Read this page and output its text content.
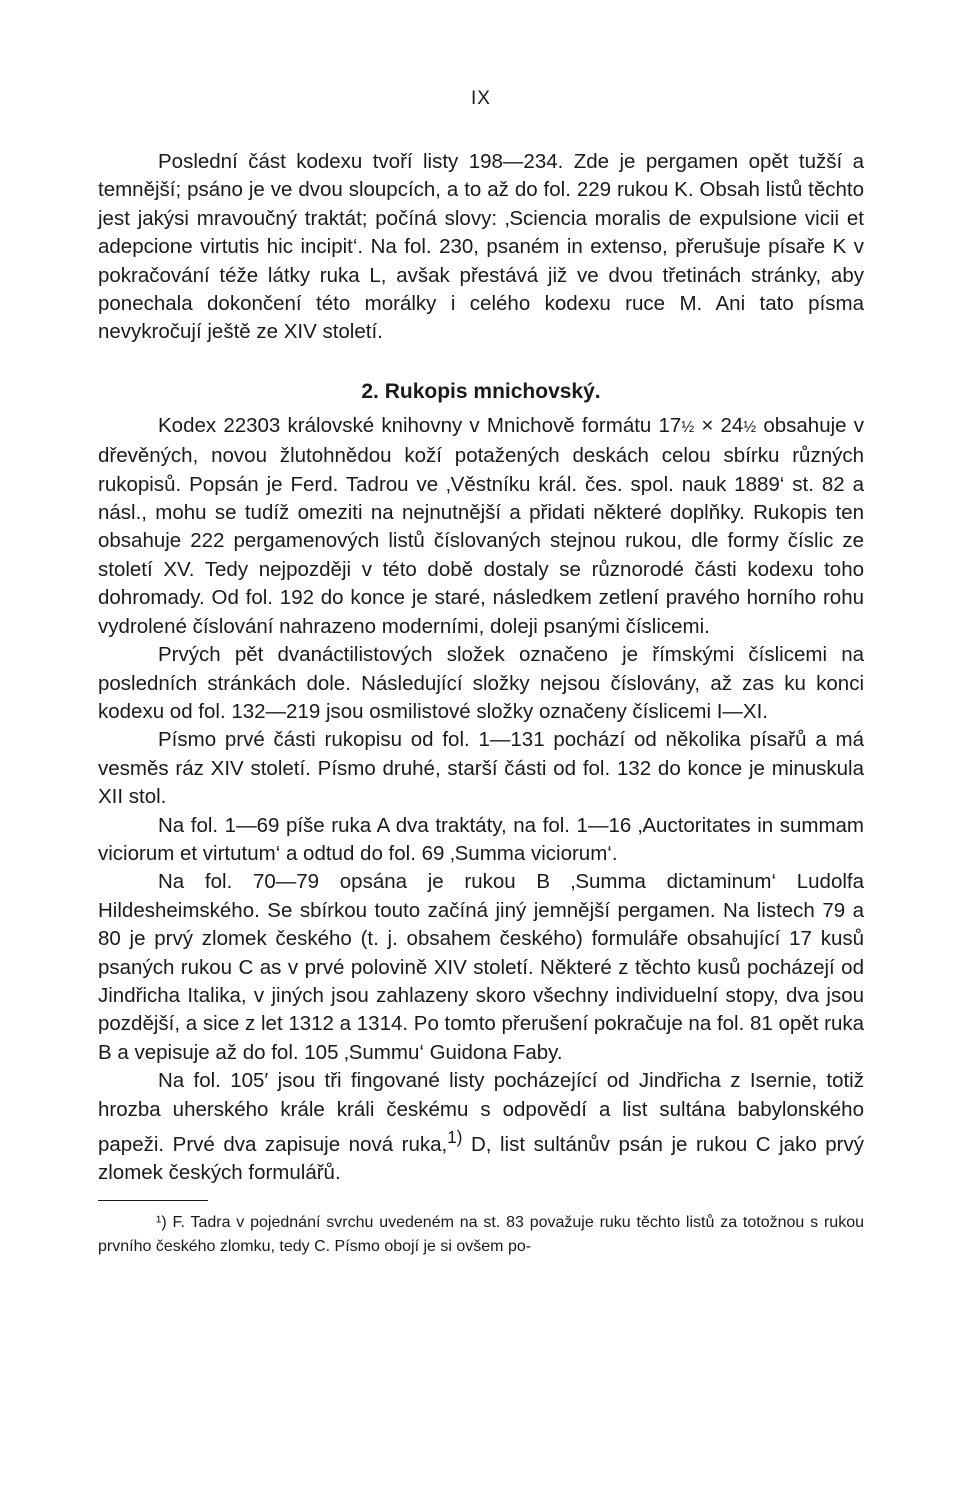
IX

Poslední část kodexu tvoří listy 198—234. Zde je pergamen opět tužší a temnější; psáno je ve dvou sloupcích, a to až do fol. 229 rukou K. Obsah listů těchto jest jakýsi mravoučný traktát; počíná slovy: ‚Sciencia moralis de expulsione vicii et adepcione virtutis hic incipit‘. Na fol. 230, psaném in extenso, přerušuje písaře K v pokračování téže látky ruka L, avšak přestává již ve dvou třetinách stránky, aby ponechala dokončení této morálky i celého kodexu ruce M. Ani tato písma nevykročují ještě ze XIV století.

2. Rukopis mnichovský.

Kodex 22303 královské knihovny v Mnichově formátu 17½ × 24½ obsahuje v dřevěných, novou žlutohnědou koží potažených deskách celou sbírku různých rukopisů. Popsán je Ferd. Tadrou ve ‚Věstníku král. čes. spol. nauk 1889‘ st. 82 a násl., mohu se tudíž omeziti na nejnutnější a přidati některé doplňky. Rukopis ten obsahuje 222 pergamenových listů číslovaných stejnou rukou, dle formy číslic ze století XV. Tedy nejpozději v této době dostaly se různorodé části kodexu toho dohromady. Od fol. 192 do konce je staré, následkem zetlení pravého horního rohu vydrolené číslování nahrazeno moderními, doleji psanými číslicemi.

Prvých pět dvanáctilistových složek označeno je římskými číslicemi na posledních stránkách dole. Následující složky nejsou číslovány, až zas ku konci kodexu od fol. 132—219 jsou osmilistové složky označeny číslicemi I—XI.

Písmo prvé části rukopisu od fol. 1—131 pochází od několika písařů a má vesměs ráz XIV století. Písmo druhé, starší části od fol. 132 do konce je minuskula XII stol.

Na fol. 1—69 píše ruka A dva traktáty, na fol. 1—16 ‚Auctoritates in summam viciorum et virtutum‘ a odtud do fol. 69 ‚Summa viciorum‘.

Na fol. 70—79 opsána je rukou B ‚Summa dictaminum‘ Ludolfa Hildesheimského. Se sbírkou touto začíná jiný jemnější pergamen. Na listech 79 a 80 je prvý zlomek českého (t. j. obsahem českého) formuláře obsahující 17 kusů psaných rukou C as v prvé polovině XIV století. Některé z těchto kusů pocházejí od Jindřicha Italika, v jiných jsou zahlazeny skoro všechny individuelní stopy, dva jsou pozdější, a sice z let 1312 a 1314. Po tomto přerušení pokračuje na fol. 81 opět ruka B a vepisuje až do fol. 105 ‚Summu‘ Guidona Faby.

Na fol. 105′ jsou tři fingované listy pocházející od Jindřicha z Isernie, totiž hrozba uherského krále králi českému s odpovědí a list sultána babylonského papeži. Prvé dva zapisuje nová ruka,$^{1)}$ D, list sultánův psán je rukou C jako prvý zlomek českých formulářů.

¹) F. Tadra v pojednání svrchu uvedeném na st. 83 považuje ruku těchto listů za totožnou s rukou prvního českého zlomku, tedy C. Písmo obojí je si ovšem po-
